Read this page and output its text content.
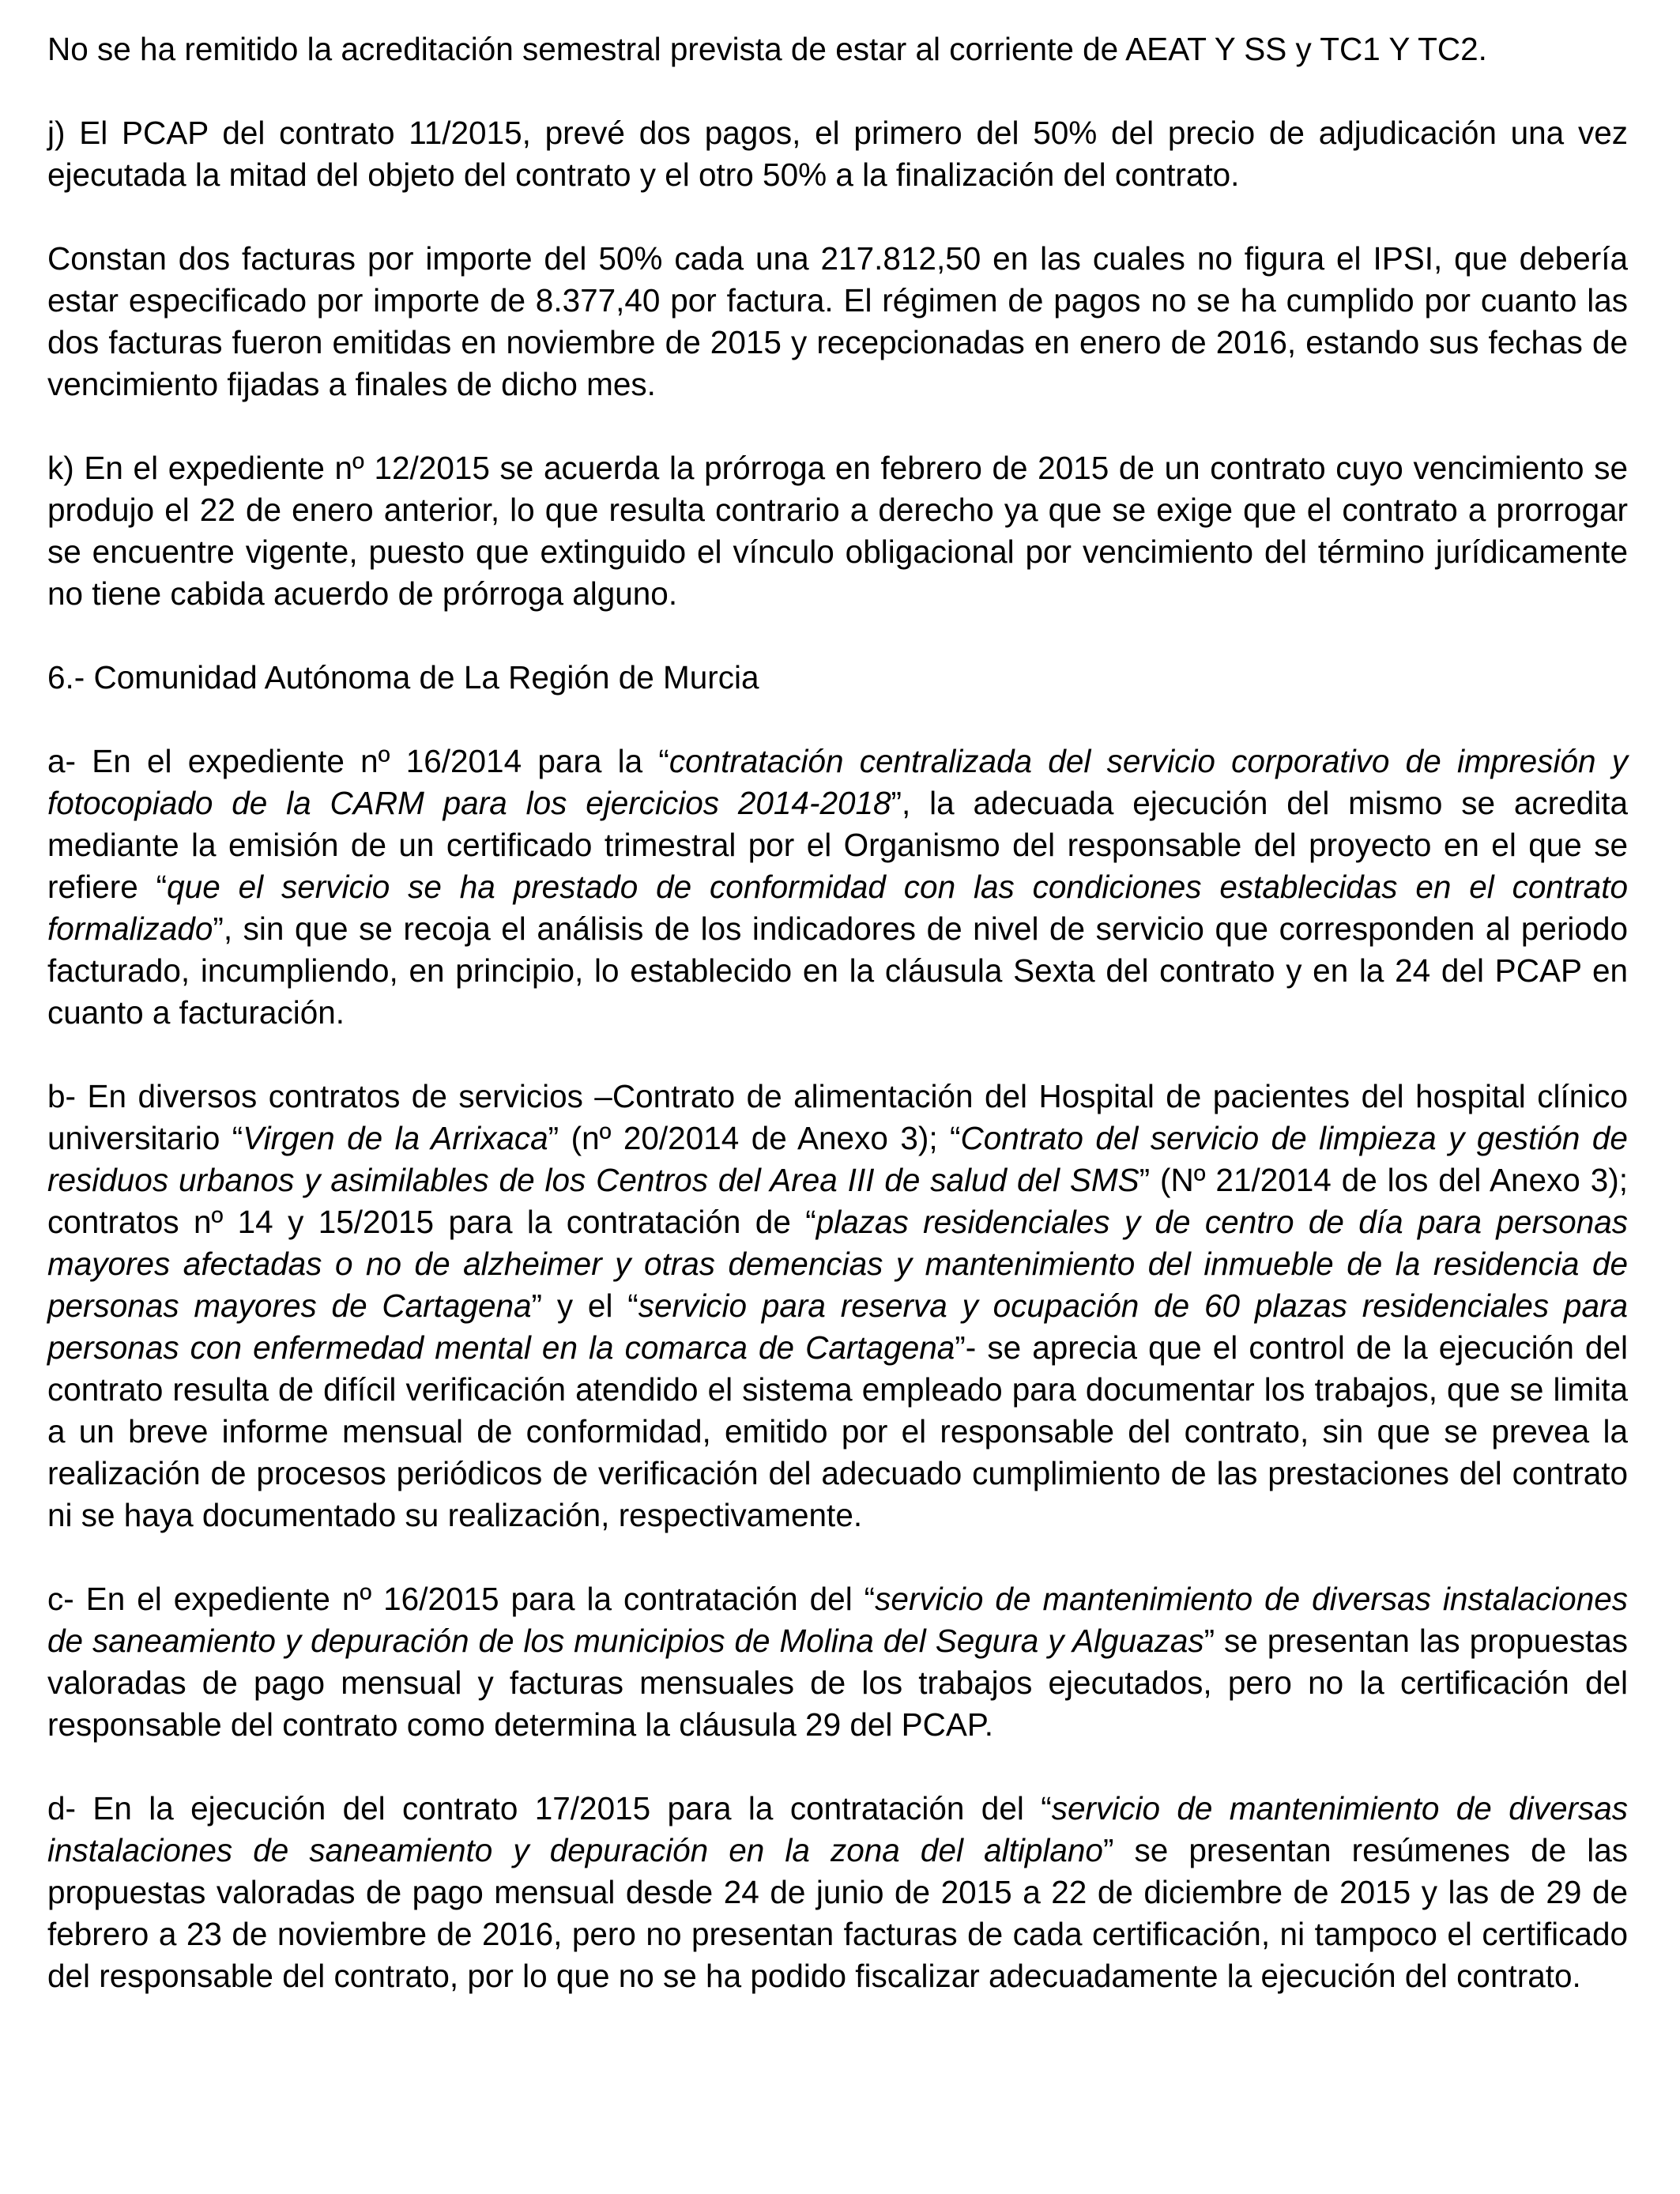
No se ha remitido la acreditación semestral prevista de estar al corriente de AEAT Y SS y TC1 Y TC2.

j) El PCAP del contrato 11/2015, prevé dos pagos, el primero del 50% del precio de adjudicación una vez ejecutada la mitad del objeto del contrato y el otro 50% a la finalización del contrato.

Constan dos facturas por importe del 50% cada una 217.812,50 en las cuales no figura el IPSI, que debería estar especificado por importe de 8.377,40 por factura. El régimen de pagos no se ha cumplido por cuanto las dos facturas fueron emitidas en noviembre de 2015 y recepcionadas en enero de 2016, estando sus fechas de vencimiento fijadas a finales de dicho mes.

k) En el expediente nº 12/2015 se acuerda la prórroga en febrero de 2015 de un contrato cuyo vencimiento se produjo el 22 de enero anterior, lo que resulta contrario a derecho ya que se exige que el contrato a prorrogar se encuentre vigente, puesto que extinguido el vínculo obligacional por vencimiento del término jurídicamente no tiene cabida acuerdo de prórroga alguno.

6.- Comunidad Autónoma de La Región de Murcia

a- En el expediente nº 16/2014 para la “contratación centralizada del servicio corporativo de impresión y fotocopiado de la CARM para los ejercicios 2014-2018”, la adecuada ejecución del mismo se acredita mediante la emisión de un certificado trimestral por el Organismo del responsable del proyecto en el que se refiere “que el servicio se ha prestado de conformidad con las condiciones establecidas en el contrato formalizado”, sin que se recoja el análisis de los indicadores de nivel de servicio que corresponden al periodo facturado, incumpliendo, en principio, lo establecido en la cláusula Sexta del contrato y en la 24 del PCAP en cuanto a facturación.

b- En diversos contratos de servicios –Contrato de alimentación del Hospital de pacientes del hospital clínico universitario “Virgen de la Arrixaca” (nº 20/2014 de Anexo 3); “Contrato del servicio de limpieza y gestión de residuos urbanos y asimilables de los Centros del Area III de salud del SMS” (Nº 21/2014 de los del Anexo 3); contratos nº 14 y 15/2015 para la contratación de “plazas residenciales y de centro de día para personas mayores afectadas o no de alzheimer y otras demencias y mantenimiento del inmueble de la residencia de personas mayores de Cartagena” y el “servicio para reserva y ocupación de 60 plazas residenciales para personas con enfermedad mental en la comarca de Cartagena”- se aprecia que el control de la ejecución del contrato resulta de difícil verificación atendido el sistema empleado para documentar los trabajos, que se limita a un breve informe mensual de conformidad, emitido por el responsable del contrato, sin que se prevea la realización de procesos periódicos de verificación del adecuado cumplimiento de las prestaciones del contrato ni se haya documentado su realización, respectivamente.

c- En el expediente nº 16/2015 para la contratación del “servicio de mantenimiento de diversas instalaciones de saneamiento y depuración de los municipios de Molina del Segura y Alguazas” se presentan las propuestas valoradas de pago mensual y facturas mensuales de los trabajos ejecutados, pero no la certificación del responsable del contrato como determina la cláusula 29 del PCAP.

d- En la ejecución del contrato 17/2015 para la contratación del “servicio de mantenimiento de diversas instalaciones de saneamiento y depuración en la zona del altiplano” se presentan resúmenes de las propuestas valoradas de pago mensual desde 24 de junio de 2015 a 22 de diciembre de 2015 y las de 29 de febrero a 23 de noviembre de 2016, pero no presentan facturas de cada certificación, ni tampoco el certificado del responsable del contrato, por lo que no se ha podido fiscalizar adecuadamente la ejecución del contrato.
